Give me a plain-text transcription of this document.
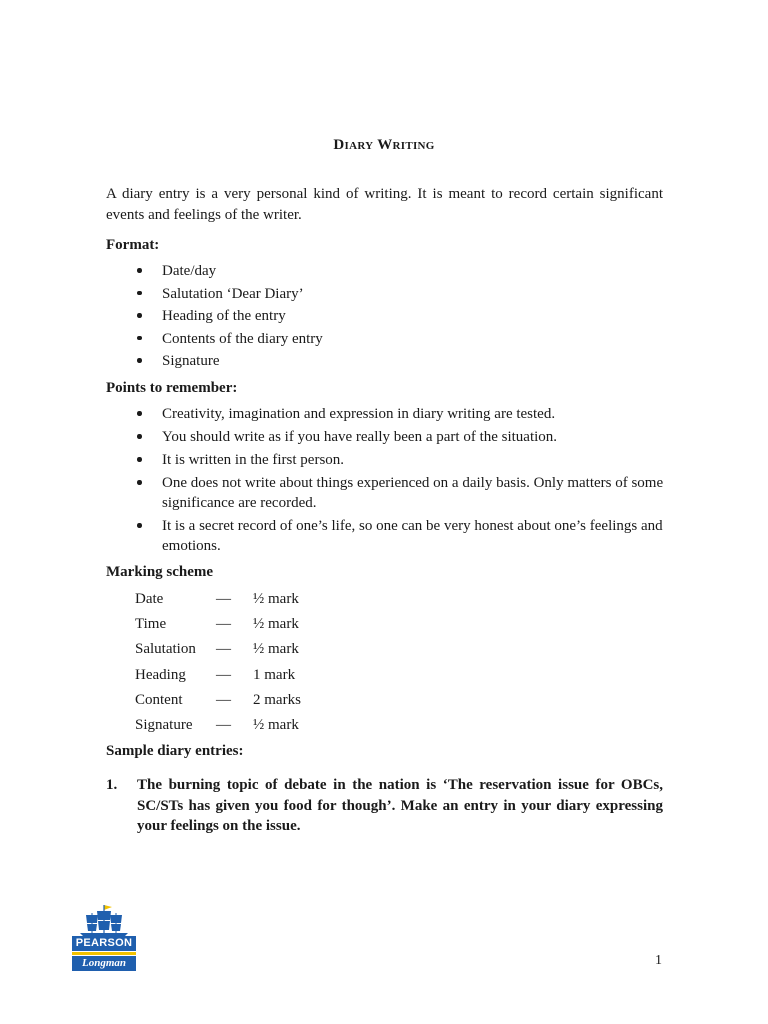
Diary Writing
A diary entry is a very personal kind of writing. It is meant to record certain significant events and feelings of the writer.
Format:
Date/day
Salutation ‘Dear Diary’
Heading of the entry
Contents of the diary entry
Signature
Points to remember:
Creativity, imagination and expression in diary writing are tested.
You should write as if you have really been a part of the situation.
It is written in the first person.
One does not write about things experienced on a daily basis. Only matters of some significance are recorded.
It is a secret record of one’s life, so one can be very honest about one’s feelings and emotions.
Marking scheme
Date	—	½ mark
Time	—	½ mark
Salutation	—	½ mark
Heading	—	1 mark
Content	—	2 marks
Signature	—	½ mark
Sample diary entries:
1. The burning topic of debate in the nation is ‘The reservation issue for OBCs, SC/STs has given you food for though’. Make an entry in your diary expressing your feelings on the issue.
PEARSON
Longman	1
